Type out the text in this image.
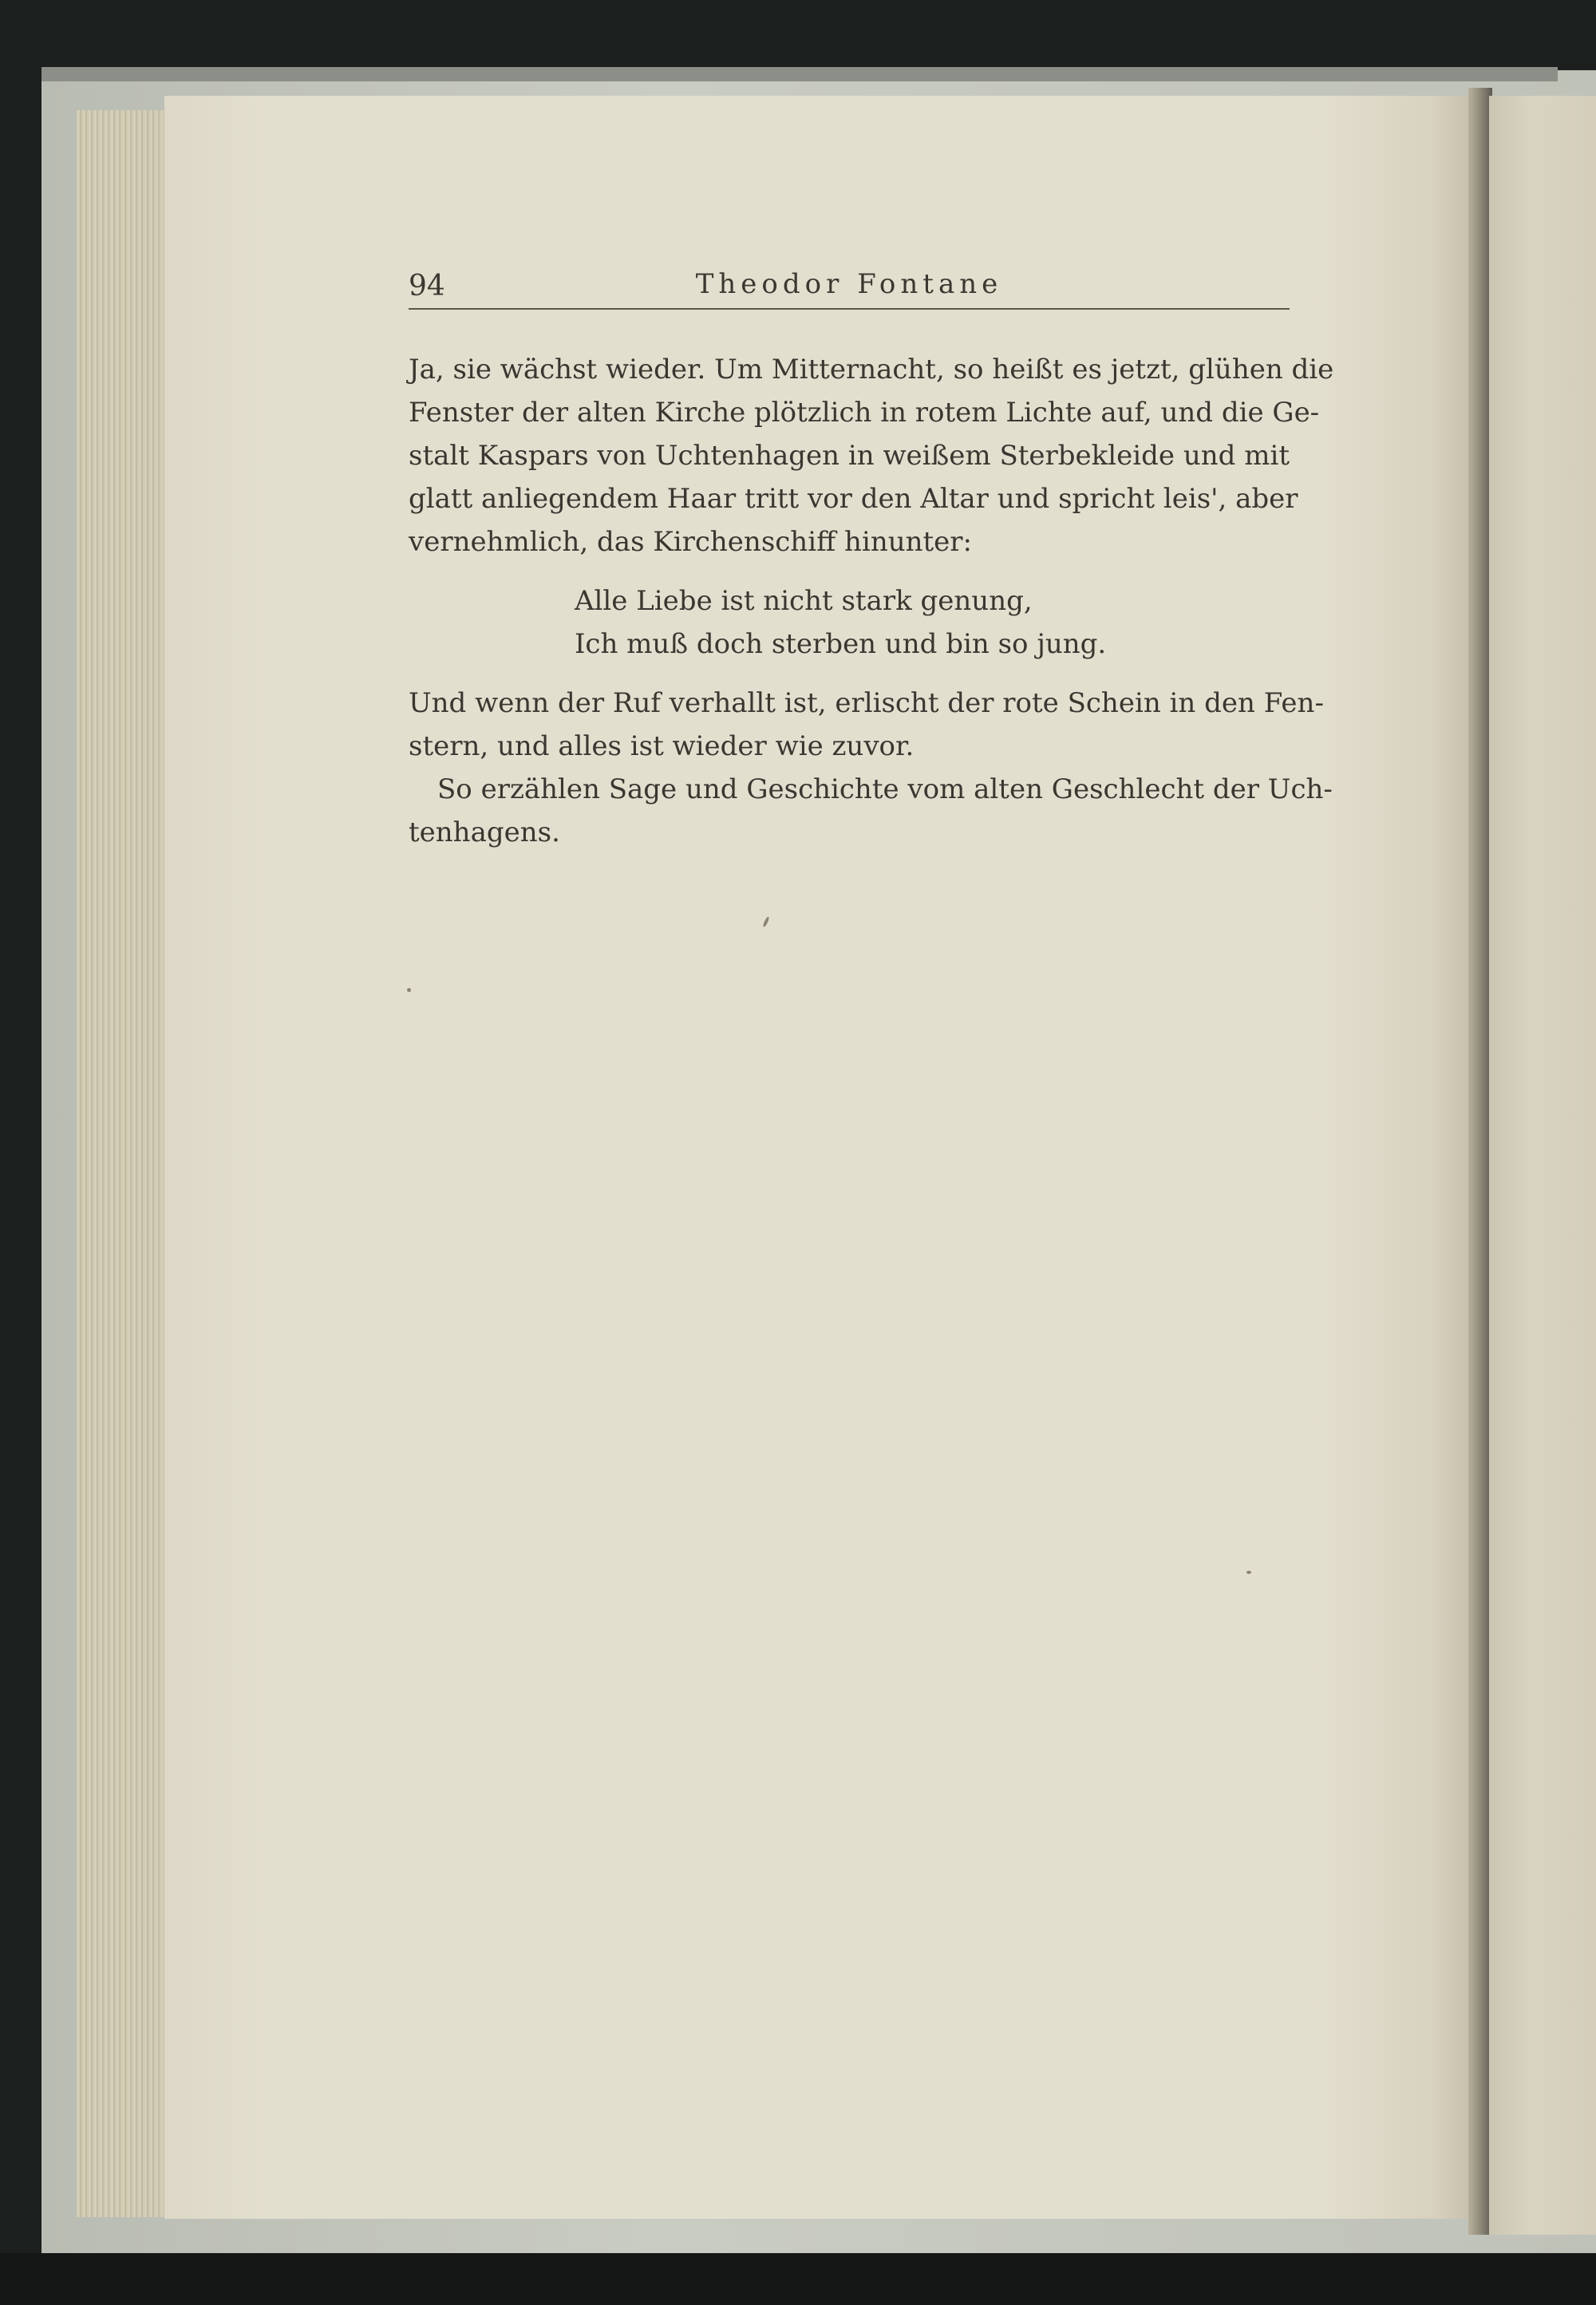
94	Theodor Fontane
Ja, sie wächst wieder. Um Mitternacht, so heißt es jetzt, glühen die
Fenster der alten Kirche plötzlich in rotem Lichte auf, und die Ge-
stalt Kaspars von Uchtenhagen in weißem Sterbekleide und mit
glatt anliegendem Haar tritt vor den Altar und spricht leis', aber
vernehmlich, das Kirchenschiff hinunter:
Alle Liebe ist nicht stark genung,
Ich muß doch sterben und bin so jung.
Und wenn der Ruf verhallt ist, erlischt der rote Schein in den Fen-
stern, und alles ist wieder wie zuvor.
So erzählen Sage und Geschichte vom alten Geschlecht der Uch-
tenhagens.
